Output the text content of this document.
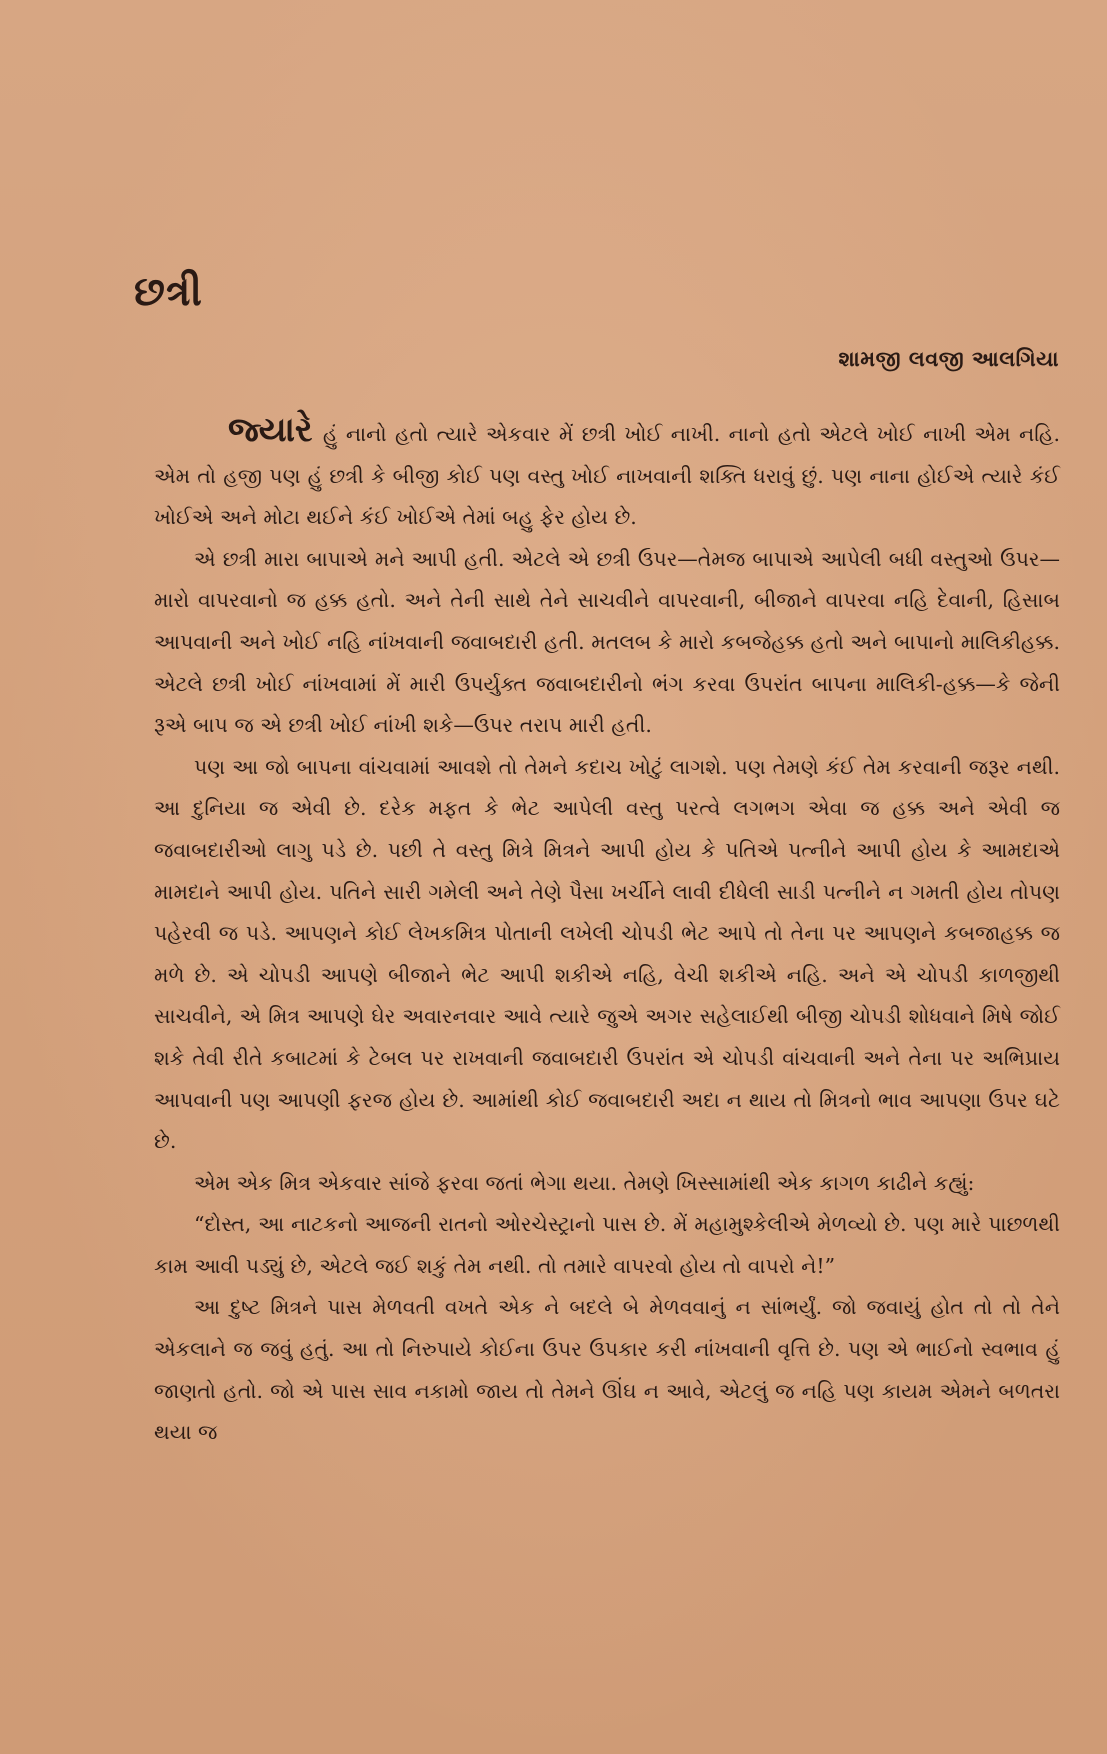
છત્રી
શામજી લવજી આલગિયા

જ્યારે હું નાનો હતો ત્યારે એકવાર મેં છત્રી ખોઈ નાખી. નાનો હતો એટલે ખોઈ નાખી એમ નહિ. એમ તો હજી પણ હું છત્રી કે બીજી કોઈ પણ વસ્તુ ખોઈ નાખવાની શક્તિ ધરાવું છું. પણ નાના હોઈએ ત્યારે કંઈ ખોઈએ અને મોટા થઈને કંઈ ખોઈએ તેમાં બહુ ફેર હોય છે.

એ છત્રી મારા બાપાએ મને આપી હતી. એટલે એ છત્રી ઉપર—તેમજ બાપાએ આપેલી બધી વસ્તુઓ ઉપર—મારો વાપરવાનો જ હક્ક હતો. અને તેની સાથે તેને સાચવીને વાપરવાની, બીજાને વાપરવા નહિ દેવાની, હિસાબ આપવાની અને ખોઈ નહિ નાંખવાની જવાબદારી હતી. મતલબ કે મારો કબજેહક્ક હતો અને બાપાનો માલિકીહક્ક. એટલે છત્રી ખોઈ નાંખવામાં મેં મારી ઉપર્યુક્ત જવાબદારીનો ભંગ કરવા ઉપરાંત બાપના માલિકી-હક્ક—કે જેની રૂએ બાપ જ એ છત્રી ખોઈ નાંખી શકે—ઉપર તરાપ મારી હતી.

પણ આ જો બાપના વાંચવામાં આવશે તો તેમને કદાચ ખોટું લાગશે. પણ તેમણે કંઈ તેમ કરવાની જરૂર નથી. આ દુનિયા જ એવી છે. દરેક મફત કે ભેટ આપેલી વસ્તુ પરત્વે લગભગ એવા જ હક્ક અને એવી જ જવાબદારીઓ લાગુ પડે છે. પછી તે વસ્તુ મિત્રે મિત્રને આપી હોય કે પતિએ પત્નીને આપી હોય કે આમદાએ મામદાને આપી હોય. પતિને સારી ગમેલી અને તેણે પૈસા ખર્ચીને લાવી દીધેલી સાડી પત્નીને ન ગમતી હોય તોપણ પહેરવી જ પડે. આપણને કોઈ લેખકમિત્ર પોતાની લખેલી ચોપડી ભેટ આપે તો તેના પર આપણને કબજાહક્ક જ મળે છે. એ ચોપડી આપણે બીજાને ભેટ આપી શકીએ નહિ, વેચી શકીએ નહિ. અને એ ચોપડી કાળજીથી સાચવીને, એ મિત્ર આપણે ઘેર અવારનવાર આવે ત્યારે જુએ અગર સહેલાઈથી બીજી ચોપડી શોધવાને મિષે જોઈ શકે તેવી રીતે કબાટમાં કે ટેબલ પર રાખવાની જવાબદારી ઉપરાંત એ ચોપડી વાંચવાની અને તેના પર અભિપ્રાય આપવાની પણ આપણી ફરજ હોય છે. આમાંથી કોઈ જવાબદારી અદા ન થાય તો મિત્રનો ભાવ આપણા ઉપર ઘટે છે.

એમ એક મિત્ર એકવાર સાંજે ફરવા જતાં ભેગા થયા. તેમણે ખિસ્સામાંથી એક કાગળ કાઢીને કહ્યું:

“દોસ્ત, આ નાટકનો આજની રાતનો ઓરચેસ્ટ્રાનો પાસ છે. મેં મહામુશ્કેલીએ મેળવ્યો છે. પણ મારે પાછળથી કામ આવી પડ્યું છે, એટલે જઈ શકું તેમ નથી. તો તમારે વાપરવો હોય તો વાપરો ને!”

આ દુષ્ટ મિત્રને પાસ મેળવતી વખતે એક ને બદલે બે મેળવવાનું ન સાંભર્યું. જો જવાયું હોત તો તો તેને એકલાને જ જવું હતું. આ તો નિરુપાયે કોઈના ઉપર ઉપકાર કરી નાંખવાની વૃત્તિ છે. પણ એ ભાઈનો સ્વભાવ હું જાણતો હતો. જો એ પાસ સાવ નકામો જાય તો તેમને ઊંઘ ન આવે, એટલું જ નહિ પણ કાયમ એમને બળતરા થયા જ
